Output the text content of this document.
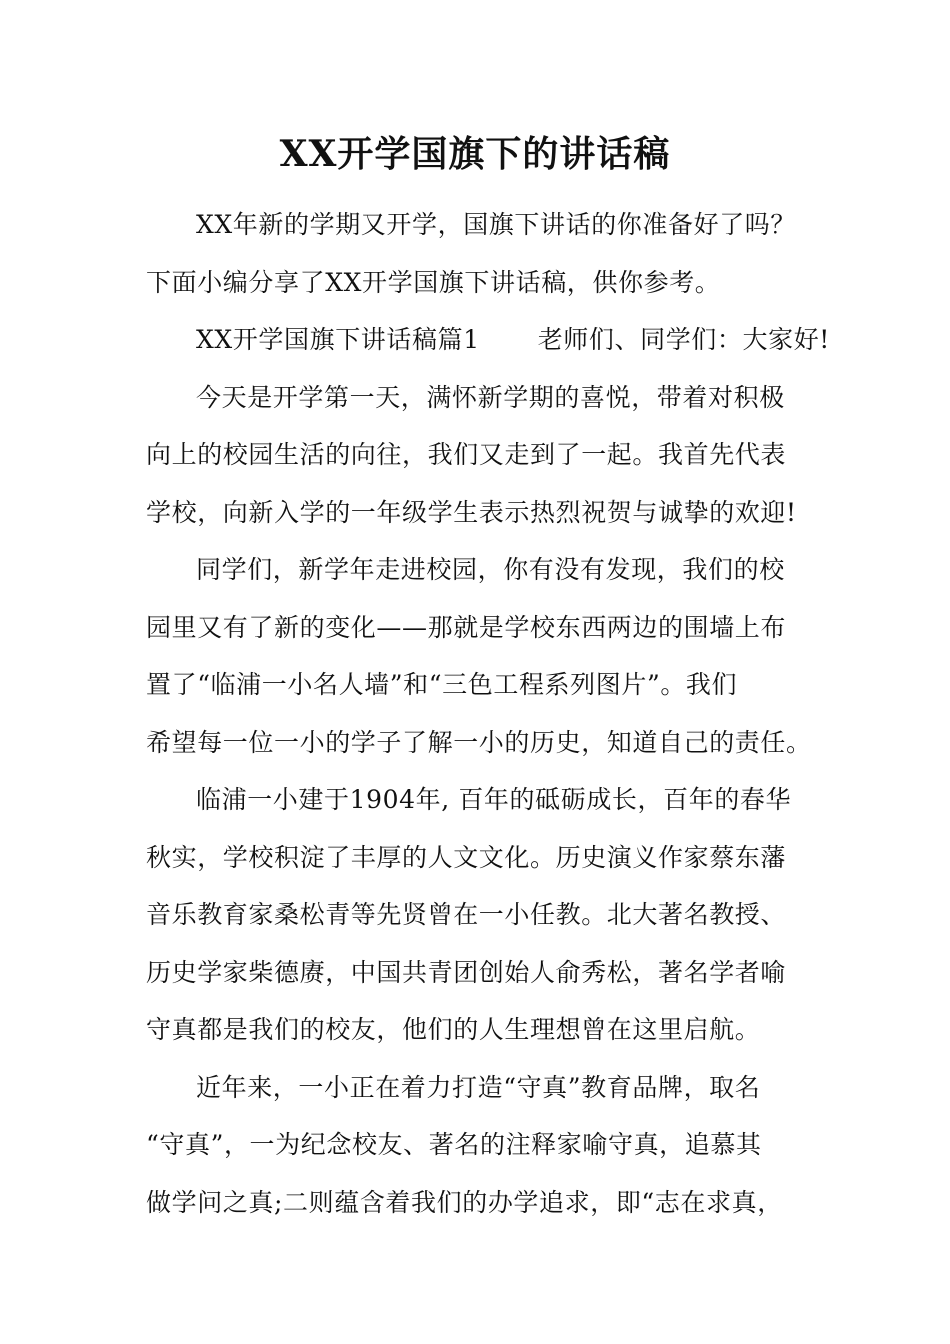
XX开学国旗下的讲话稿
XX年新的学期又开学，国旗下讲话的你准备好了吗？
下面小编分享了XX开学国旗下讲话稿，供你参考。
XX开学国旗下讲话稿篇1 老师们、同学们：大家好!
今天是开学第一天，满怀新学期的喜悦，带着对积极
向上的校园生活的向往，我们又走到了一起。我首先代表
学校，向新入学的一年级学生表示热烈祝贺与诚挚的欢迎!
同学们，新学年走进校园，你有没有发现，我们的校
园里又有了新的变化——那就是学校东西两边的围墙上布
置了“临浦一小名人墙”和“三色工程系列图片”。我们
希望每一位一小的学子了解一小的历史，知道自己的责任。
临浦一小建于1904年, 百年的砥砺成长，百年的春华
秋实，学校积淀了丰厚的人文文化。历史演义作家蔡东藩
音乐教育家桑松青等先贤曾在一小任教。北大著名教授、
历史学家柴德赓，中国共青团创始人俞秀松，著名学者喻
守真都是我们的校友，他们的人生理想曾在这里启航。
近年来，一小正在着力打造“守真”教育品牌，取名
“守真”，一为纪念校友、著名的注释家喻守真，追慕其
做学问之真;二则蕴含着我们的办学追求，即“志在求真，
